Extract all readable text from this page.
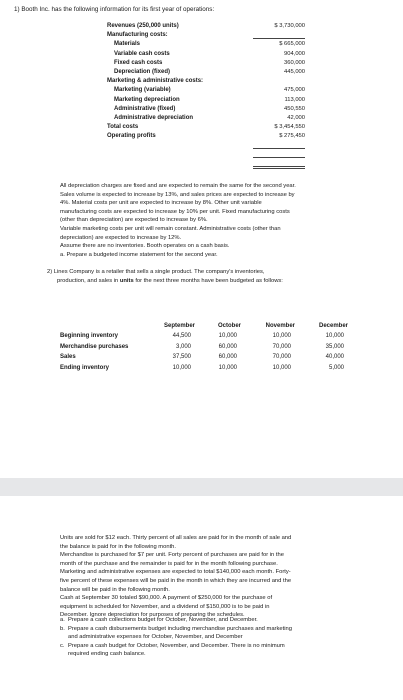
1) Booth Inc. has the following information for its first year of operations:
Revenues (250,000 units)	$ 3,730,000
Manufacturing costs:
Materials	$ 665,000
Variable cash costs	904,000
Fixed cash costs	360,000
Depreciation (fixed)	445,000
Marketing & administrative costs:
Marketing (variable)	475,000
Marketing depreciation	113,000
Administrative (fixed)	450,550
Administrative depreciation	42,000
Total costs	$ 3,454,550
Operating profits	$ 275,450
All depreciation charges are fixed and are expected to remain the same for the second year.
Sales volume is expected to increase by 13%, and sales prices are expected to increase by
4%. Material costs per unit are expected to increase by 8%. Other unit variable
manufacturing costs are expected to increase by 10% per unit. Fixed manufacturing costs
(other than depreciation) are expected to increase by 6%.
Variable marketing costs per unit will remain constant. Administrative costs (other than
depreciation) are expected to increase by 12%.
Assume there are no inventories. Booth operates on a cash basis.
a. Prepare a budgeted income statement for the second year.
2) Lines Company is a retailer that sells a single product. The company's inventories,
production, and sales in units for the next three months have been budgeted as follows:
September	October	November	December
Beginning inventory	44,500	10,000	10,000	10,000
Merchandise purchases	3,000	60,000	70,000	35,000
Sales	37,500	60,000	70,000	40,000
Ending inventory	10,000	10,000	10,000	5,000
Units are sold for $12 each. Thirty percent of all sales are paid for in the month of sale and
the balance is paid for in the following month.
Merchandise is purchased for $7 per unit. Forty percent of purchases are paid for in the
month of the purchase and the remainder is paid for in the month following purchase.
Marketing and administrative expenses are expected to total $140,000 each month. Forty-
five percent of these expenses will be paid in the month in which they are incurred and the
balance will be paid in the following month.
Cash at September 30 totaled $90,000. A payment of $250,000 for the purchase of
equipment is scheduled for November, and a dividend of $150,000 is to be paid in
December. Ignore depreciation for purposes of preparing the schedules.
a. Prepare a cash collections budget for October, November, and December.
b. Prepare a cash disbursements budget including merchandise purchases and marketing
and administrative expenses for October, November, and December
c. Prepare a cash budget for October, November, and December. There is no minimum
required ending cash balance.
